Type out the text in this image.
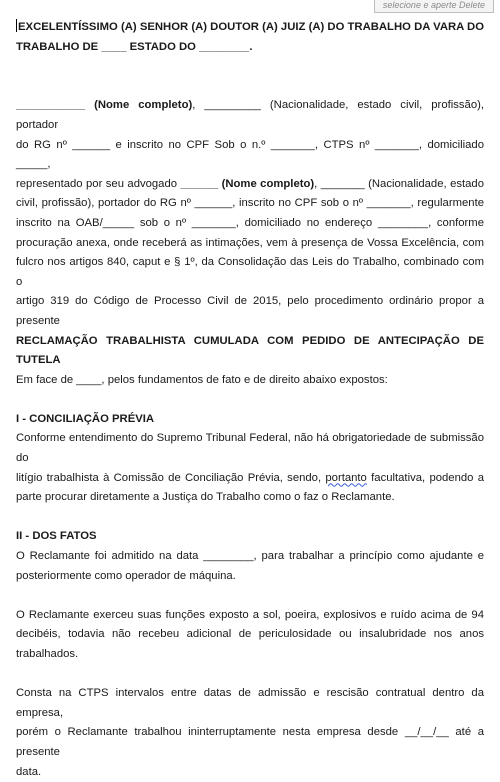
selecione e aperte Delete

EXCELENTÍSSIMO (A) SENHOR (A) DOUTOR (A) JUIZ (A) DO TRABALHO DA VARA DO

TRABALHO DE ____ ESTADO DO ________.

___________ (Nome completo), _________ (Nacionalidade, estado civil, profissão), portador

do RG nº ______ e inscrito no CPF Sob o n.º _______, CTPS nº _______, domiciliado _____,

representado por seu advogado ______ (Nome completo), _______ (Nacionalidade, estado

civil, profissão), portador do RG nº ______, inscrito no CPF sob o nº _______, regularmente

inscrito na OAB/_____ sob o nº _______, domiciliado no endereço ________, conforme

procuração anexa, onde receberá as intimações, vem à presença de Vossa Excelência, com

fulcro nos artigos 840, caput e § 1º, da Consolidação das Leis do Trabalho, combinado com o

artigo 319 do Código de Processo Civil de 2015, pelo procedimento ordinário propor a presente

RECLAMAÇÃO TRABALHISTA CUMULADA COM PEDIDO DE ANTECIPAÇÃO DE TUTELA

Em face de ____, pelos fundamentos de fato e de direito abaixo expostos:

I - CONCILIAÇÃO PRÉVIA

Conforme entendimento do Supremo Tribunal Federal, não há obrigatoriedade de submissão do

litígio trabalhista à Comissão de Conciliação Prévia, sendo, portanto facultativa, podendo a

parte procurar diretamente a Justiça do Trabalho como o faz o Reclamante.

II - DOS FATOS

O Reclamante foi admitido na data ________, para trabalhar a princípio como ajudante e

posteriormente como operador de máquina.

O Reclamante exerceu suas funções exposto a sol, poeira, explosivos e ruído acima de 94

decibéis, todavia não recebeu adicional de periculosidade ou insalubridade nos anos

trabalhados.

Consta na CTPS intervalos entre datas de admissão e rescisão contratual dentro da empresa,

porém o Reclamante trabalhou ininterruptamente nesta empresa desde __/__/__ até a presente

data.
